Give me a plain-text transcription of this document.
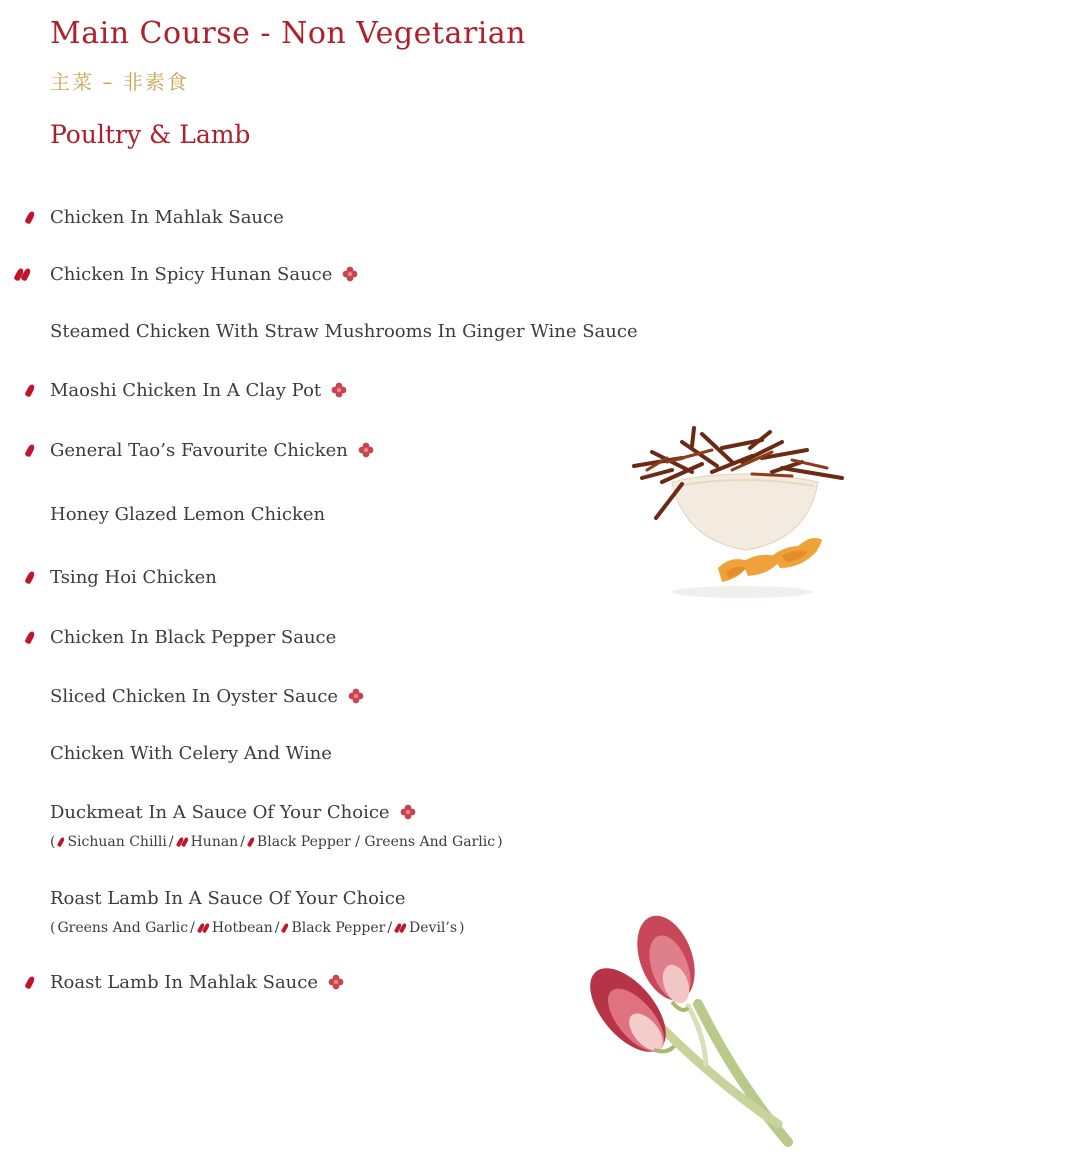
Main Course - Non Vegetarian
主菜 – 非素食
Poultry & Lamb
Chicken In Mahlak Sauce
Chicken In Spicy Hunan Sauce
Steamed Chicken With Straw Mushrooms In Ginger Wine Sauce
Maoshi Chicken In A Clay Pot
General Tao’s Favourite Chicken
Honey Glazed Lemon Chicken
Tsing Hoi Chicken
Chicken In Black Pepper Sauce
Sliced Chicken In Oyster Sauce
Chicken With Celery And Wine
Duckmeat In A Sauce Of Your Choice
( Sichuan Chilli / Hunan / Black Pepper / Greens And Garlic )
Roast Lamb In A Sauce Of Your Choice
( Greens And Garlic / Hotbean / Black Pepper / Devil’s )
Roast Lamb In Mahlak Sauce
